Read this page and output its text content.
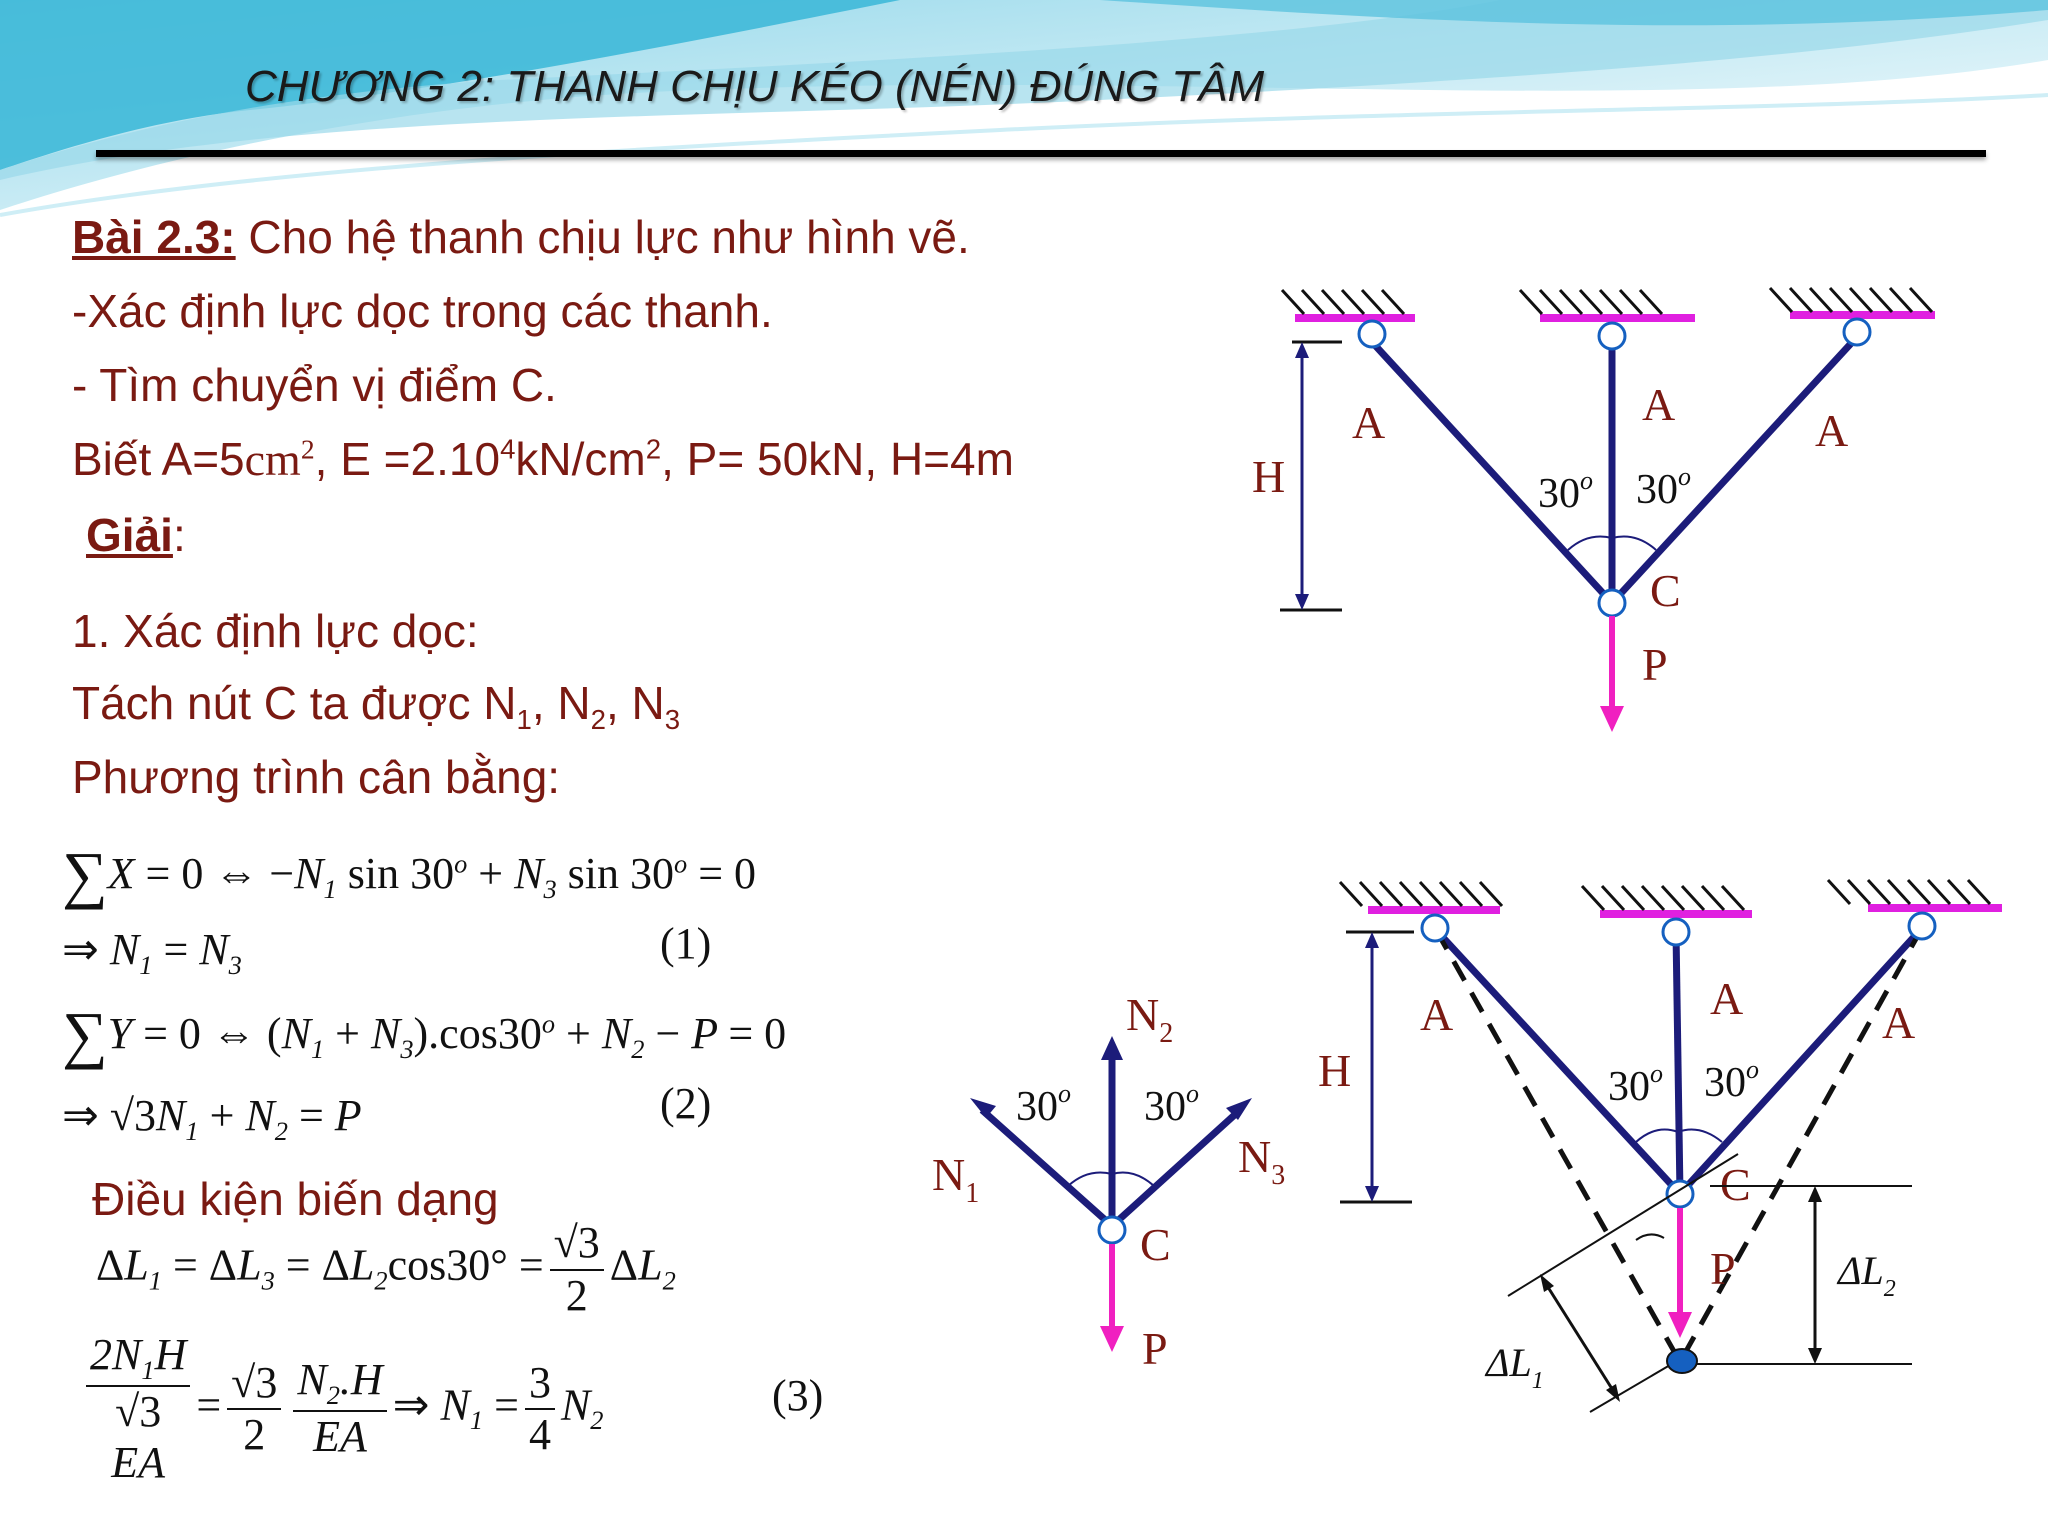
CHƯƠNG 2: THANH CHỊU KÉO (NÉN) ĐÚNG TÂM
Bài 2.3: Cho hệ thanh chịu lực như hình vẽ.
-Xác định lực dọc trong các thanh.
- Tìm chuyển vị điểm C.
Biết $A=5cm^2$, $E =2.10^4kN/cm^2$, P= 50kN, H=4m
Giải:
1. Xác định lực dọc:
Tách nút C ta được $N_1$, $N_2$, $N_3$
Phương trình cân bằng:
∑X = 0 ⇔ $-N_1$ $\sin 30^o + N_3$ $\sin 30^o = 0$
⇒ $N_1 = N_3$	(1)
∑Y = 0 ⇔ $(N_1 + N_3).\cos 30^o + N_2 - P = 0$
⇒ $√3N_1 + N_2 = P$	(2)
Điều kiện biến dạng
$\Delta L_1 = \Delta L_3 = \Delta L_2\cos 30^\circ = \frac{√3}{2} \Delta L_2$
$2N_1H$
√3
EA = $\frac{√3}{2} \frac{N_2.H}{EA}$ ⇒ $N_1 = \frac{3}{4} N_2$
(3)
H
A	A
A
30$^o$ 30$^o$
C
P
30$^o$ 30$^o$
C
P
$N_1$
$N_2$
$N_3$
H
A	A	A
30$^o$ 30$^o$
C
P	$\Delta L_2$
$\Delta L_1$
